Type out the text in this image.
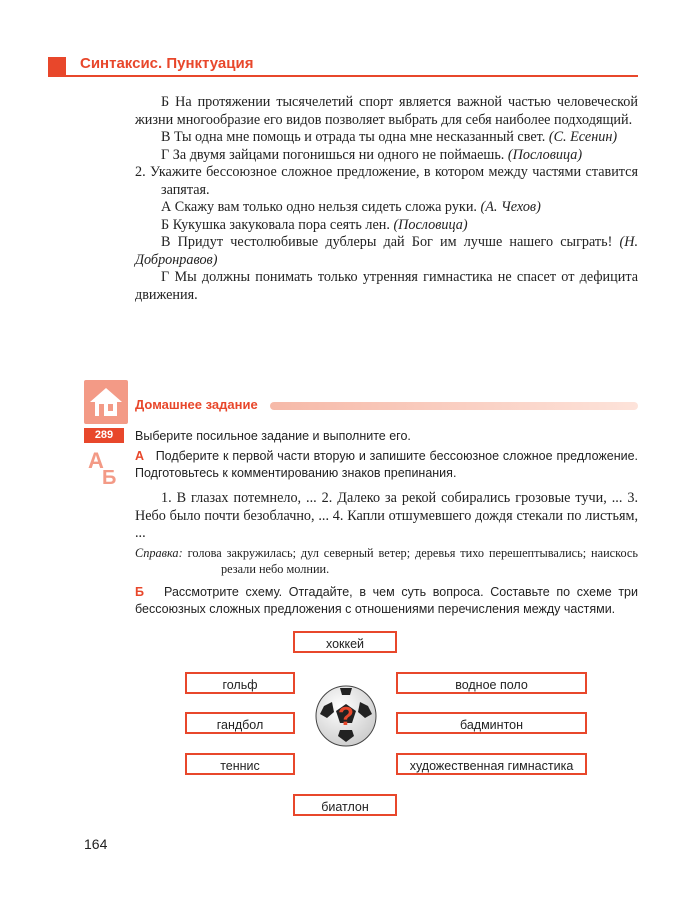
Синтаксис. Пунктуация

Б На протяжении тысячелетий спорт является важной частью человеческой жизни многообразие его видов позволяет выбрать для себя наиболее подходящий.

В Ты одна мне помощь и отрада ты одна мне несказанный свет. (С. Есенин)

Г За двумя зайцами погонишься ни одного не поймаешь. (Пословица)

2. Укажите бессоюзное сложное предложение, в котором между частями ставится запятая.

А Скажу вам только одно нельзя сидеть сложа руки. (А. Чехов)

Б Кукушка закуковала пора сеять лен. (Пословица)

В Придут честолюбивые дублеры дай Бог им лучше нашего сыграть! (Н. Добронравов)

Г Мы должны понимать только утренняя гимнастика не спасет от дефицита движения.

Домашнее задание
289
А
Б

Выберите посильное задание и выполните его.

А Подберите к первой части вторую и запишите бессоюзное сложное предложение. Подготовьтесь к комментированию знаков препинания.

1. В глазах потемнело, ... 2. Далеко за рекой собирались грозовые тучи, ... 3. Небо было почти безоблачно, ... 4. Капли отшумевшего дождя стекали по листьям, ...

Справка: голова закружилась; дул северный ветер; деревья тихо перешептывались; наискось резали небо молнии.

Б Рассмотрите схему. Отгадайте, в чем суть вопроса. Составьте по схеме три бессоюзных сложных предложения с отношениями перечисления между частями.

хоккей
гольф	водное поло
гандбол	бадминтон
теннис	художественная гимнастика
биатлон
?
164
